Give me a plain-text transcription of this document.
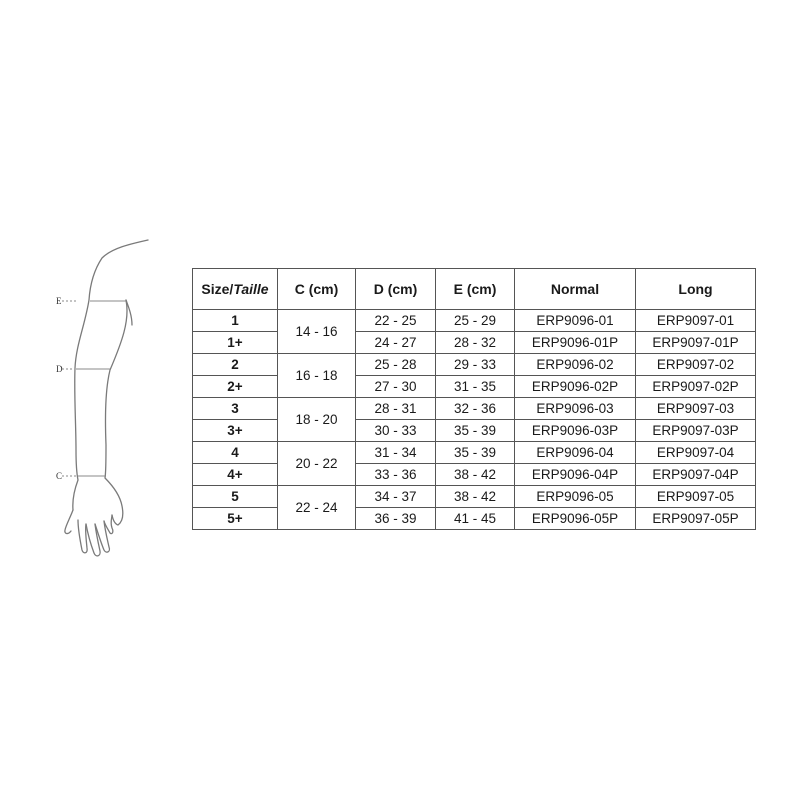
E
D
C
Size/Taille	C (cm)	D (cm)	E (cm)	Normal	Long
1	14 - 16	22 - 25	25 - 29	ERP9096-01	ERP9097-01
1+		24 - 27	28 - 32	ERP9096-01P	ERP9097-01P
2	16 - 18	25 - 28	29 - 33	ERP9096-02	ERP9097-02
2+		27 - 30	31 - 35	ERP9096-02P	ERP9097-02P
3	18 - 20	28 - 31	32 - 36	ERP9096-03	ERP9097-03
3+		30 - 33	35 - 39	ERP9096-03P	ERP9097-03P
4	20 - 22	31 - 34	35 - 39	ERP9096-04	ERP9097-04
4+		33 - 36	38 - 42	ERP9096-04P	ERP9097-04P
5	22 - 24	34 - 37	38 - 42	ERP9096-05	ERP9097-05
5+		36 - 39	41 - 45	ERP9096-05P	ERP9097-05P
